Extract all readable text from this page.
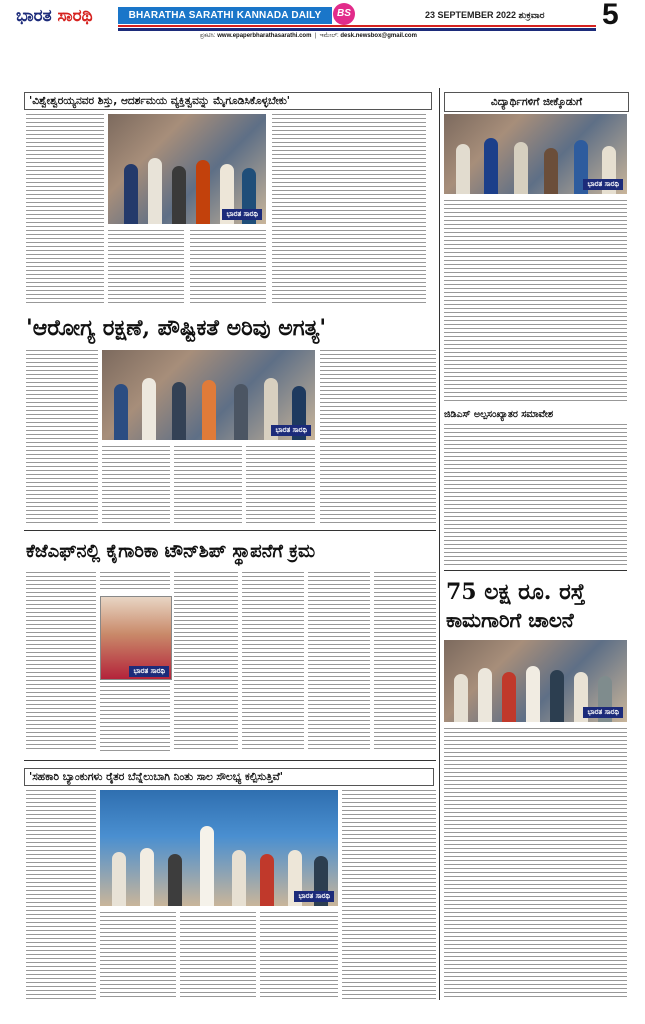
ಭಾರತ ಸಾರಥಿ	BHARATHA SARATHI KANNADA DAILY	BS	23 SEPTEMBER 2022 ಶುಕ್ರವಾರ 5
ಪ್ರಕಟಿಸಿ: www.epaperbharathasarathi.com  |  ಇಮೇಲ್: desk.newsbox@gmail.com
'ವಿಶ್ವೇಶ್ವರಯ್ಯನವರ ಶಿಸ್ತು, ಆದರ್ಶಮಯ ವ್ಯಕ್ತಿತ್ವವನ್ನು ಮೈಗೂಡಿಸಿಕೊಳ್ಳಬೇಕು'
ಭಾರತ ಸಾರಥಿ
ವಿದ್ಯಾರ್ಥಿಗಳಿಗೆ ಜೀಕ್ಕೊಡುಗೆ
ಭಾರತ ಸಾರಥಿ
'ಆರೋಗ್ಯ ರಕ್ಷಣೆ, ಪೌಷ್ಟಿಕತೆ ಅರಿವು ಅಗತ್ಯ'
ಭಾರತ ಸಾರಥಿ
ಜಿಡಿಎಸ್ ಅಲ್ಪಸಂಖ್ಯಾತರ ಸಮಾವೇಶ
ಕೆಜೆಎಫ್‌ನಲ್ಲಿ ಕೈಗಾರಿಕಾ ಟೌನ್‌ಶಿಪ್ ಸ್ಥಾಪನೆಗೆ ಕ್ರಮ
ಭಾರತ ಸಾರಥಿ
75 ಲಕ್ಷ ರೂ. ರಸ್ತೆ
ಕಾಮಗಾರಿಗೆ ಚಾಲನೆ
ಭಾರತ ಸಾರಥಿ
'ಸಹಕಾರಿ ಬ್ಯಾಂಕುಗಳು ರೈತರ ಬೆನ್ನೆಲುಬಾಗಿ ನಿಂತು ಸಾಲ ಸೌಲಭ್ಯ ಕಲ್ಪಿಸುತ್ತಿವೆ'
ಭಾರತ ಸಾರಥಿ
